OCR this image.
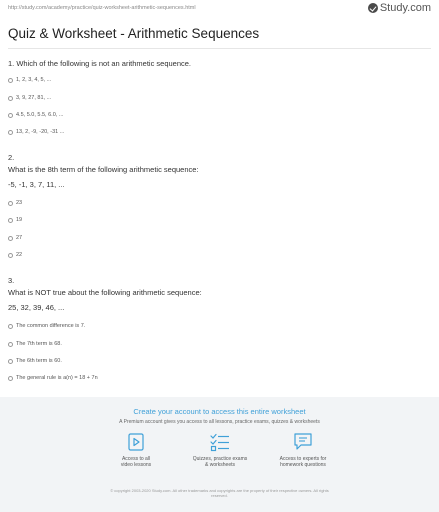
http://study.com/academy/practice/quiz-worksheet-arithmetic-sequences.html	Study.com
Quiz & Worksheet - Arithmetic Sequences
1. Which of the following is not an arithmetic sequence.
1, 2, 3, 4, 5, ...
3, 9, 27, 81, ...
4.5, 5.0, 5.5, 6.0, ...
13, 2, -9, -20, -31 ...
2.
What is the 8th term of the following arithmetic sequence:
-5, -1, 3, 7, 11, ...
23
19
27
22
3.
What is NOT true about the following arithmetic sequence:
25, 32, 39, 46, ...
The common difference is 7.
The 7th term is 68.
The 6th term is 60.
The general rule is a(n) = 18 + 7n
Create your account to access this entire worksheet
A Premium account gives you access to all lessons, practice exams, quizzes & worksheets
Access to all
video lessons
Quizzes, practice exams
& worksheets
Access to experts for
homework questions
© copyright 2003-2020 Study.com. All other trademarks and copyrights are the property of their respective owners. All rights
reserved.
